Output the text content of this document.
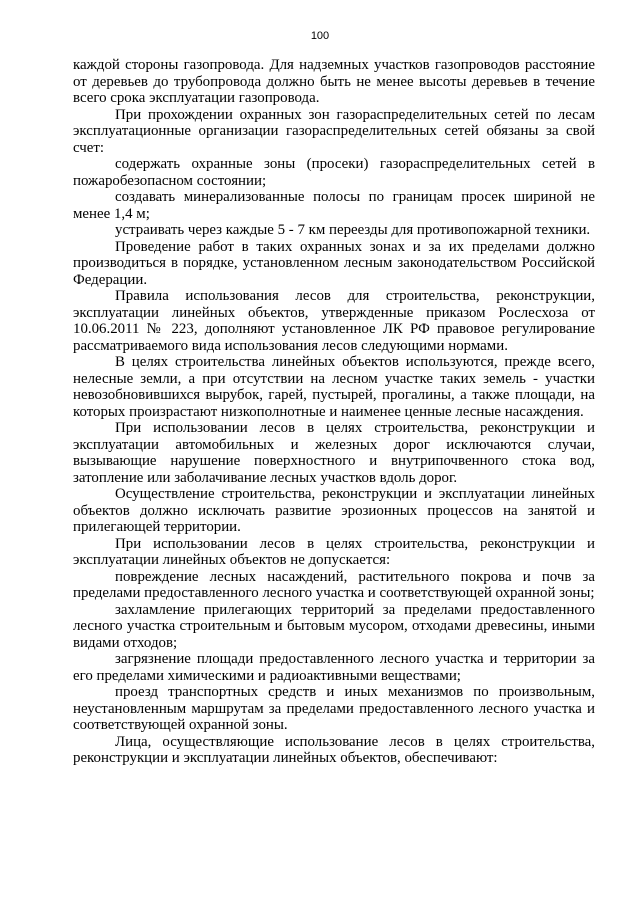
100

каждой стороны газопровода. Для надземных участков газопроводов расстояние от деревьев до трубопровода должно быть не менее высоты деревьев в течение всего срока эксплуатации газопровода.

При прохождении охранных зон газораспределительных сетей по лесам эксплуатационные организации газораспределительных сетей обязаны за свой счет:

содержать охранные зоны (просеки) газораспределительных сетей в пожаробезопасном состоянии;

создавать минерализованные полосы по границам просек шириной не менее 1,4 м;

устраивать через каждые 5 - 7 км переезды для противопожарной техники.

Проведение работ в таких охранных зонах и за их пределами должно производиться в порядке, установленном лесным законодательством Российской Федерации.

Правила использования лесов для строительства, реконструкции, эксплуатации линейных объектов, утвержденные приказом Рослесхоза от 10.06.2011 № 223, дополняют установленное ЛК РФ правовое регулирование рассматриваемого вида использования лесов следующими нормами.

В целях строительства линейных объектов используются, прежде всего, нелесные земли, а при отсутствии на лесном участке таких земель - участки невозобновившихся вырубок, гарей, пустырей, прогалины, а также площади, на которых произрастают низкополнотные и наименее ценные лесные насаждения.

При использовании лесов в целях строительства, реконструкции и эксплуатации автомобильных и железных дорог исключаются случаи, вызывающие нарушение поверхностного и внутрипочвенного стока вод, затопление или заболачивание лесных участков вдоль дорог.

Осуществление строительства, реконструкции и эксплуатации линейных объектов должно исключать развитие эрозионных процессов на занятой и прилегающей территории.

При использовании лесов в целях строительства, реконструкции и эксплуатации линейных объектов не допускается:

повреждение лесных насаждений, растительного покрова и почв за пределами предоставленного лесного участка и соответствующей охранной зоны;

захламление прилегающих территорий за пределами предоставленного лесного участка строительным и бытовым мусором, отходами древесины, иными видами отходов;

загрязнение площади предоставленного лесного участка и территории за его пределами химическими и радиоактивными веществами;

проезд транспортных средств и иных механизмов по произвольным, неустановленным маршрутам за пределами предоставленного лесного участка и соответствующей охранной зоны.

Лица, осуществляющие использование лесов в целях строительства, реконструкции и эксплуатации линейных объектов, обеспечивают:
